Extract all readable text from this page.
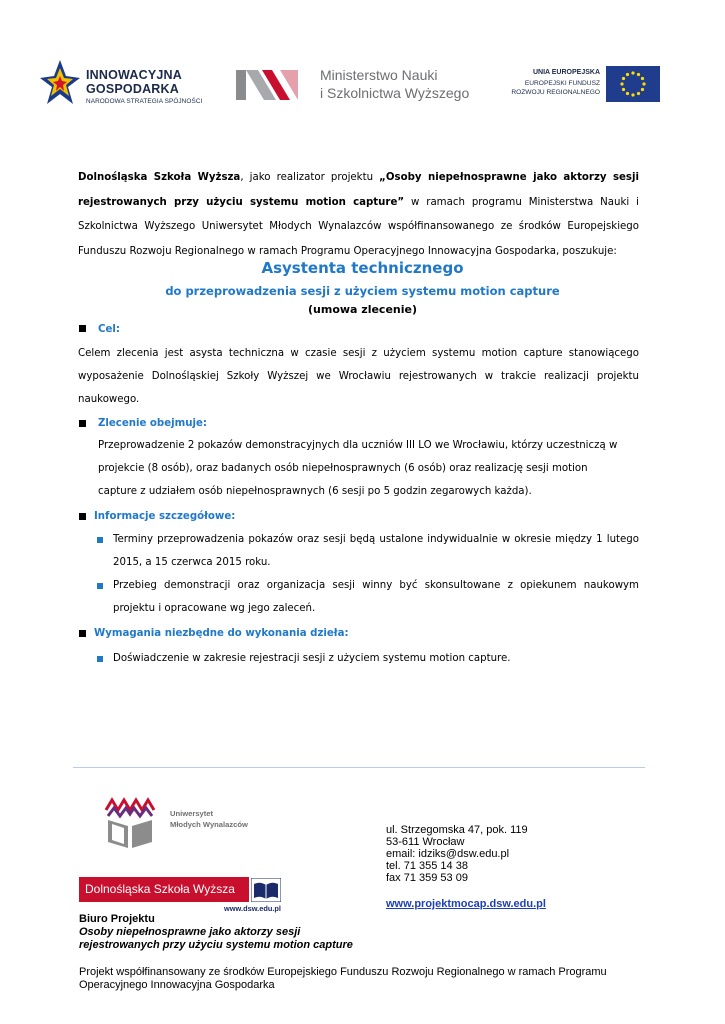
INNOWACYJNA
GOSPODARKA
NARODOWA STRATEGIA SPÓJNOŚCI
Ministerstwo Nauki
i Szkolnictwa Wyższego
UNIA EUROPEJSKA
EUROPEJSKI FUNDUSZ
ROZWOJU REGIONALNEGO

Dolnośląska Szkoła Wyższa, jako realizator projektu „Osoby niepełnosprawne jako aktorzy sesji rejestrowanych przy użyciu systemu motion capture” w ramach programu Ministerstwa Nauki i Szkolnictwa Wyższego Uniwersytet Młodych Wynalazców współfinansowanego ze środków Europejskiego Funduszu Rozwoju Regionalnego w ramach Programu Operacyjnego Innowacyjna Gospodarka, poszukuje:

Asystenta technicznego
do przeprowadzenia sesji z użyciem systemu motion capture
(umowa zlecenie)
Cel:

Celem zlecenia jest asysta techniczna w czasie sesji z użyciem systemu motion capture stanowiącego wyposażenie Dolnośląskiej Szkoły Wyższej we Wrocławiu rejestrowanych w trakcie realizacji projektu naukowego.

Zlecenie obejmuje:

Przeprowadzenie 2 pokazów demonstracyjnych dla uczniów III LO we Wrocławiu, którzy uczestniczą w projekcie (8 osób), oraz badanych osób niepełnosprawnych (6 osób) oraz realizację sesji motion capture z udziałem osób niepełnosprawnych (6 sesji po 5 godzin zegarowych każda).

Informacje szczegółowe:

Terminy przeprowadzenia pokazów oraz sesji będą ustalone indywidualnie w okresie między 1 lutego 2015, a 15 czerwca 2015 roku.

Przebieg demonstracji oraz organizacja sesji winny być skonsultowane z opiekunem naukowym projektu i opracowane wg jego zaleceń.

Wymagania niezbędne do wykonania dzieła:

Doświadczenie w zakresie rejestracji sesji z użyciem systemu motion capture.

Uniwersytet
Młodych Wynalazców	ul. Strzegomska 47, pok. 119
53-611 Wrocław
email: idziks@dsw.edu.pl
tel. 71 355 14 38
fax 71 359 53 09
Dolnośląska Szkoła Wyższa
www.dsw.edu.pl	www.projektmocap.dsw.edu.pl
Biuro Projektu
Osoby niepełnosprawne jako aktorzy sesji
rejestrowanych przy użyciu systemu motion capture
Projekt współfinansowany ze środków Europejskiego Funduszu Rozwoju Regionalnego w ramach Programu Operacyjnego Innowacyjna Gospodarka
